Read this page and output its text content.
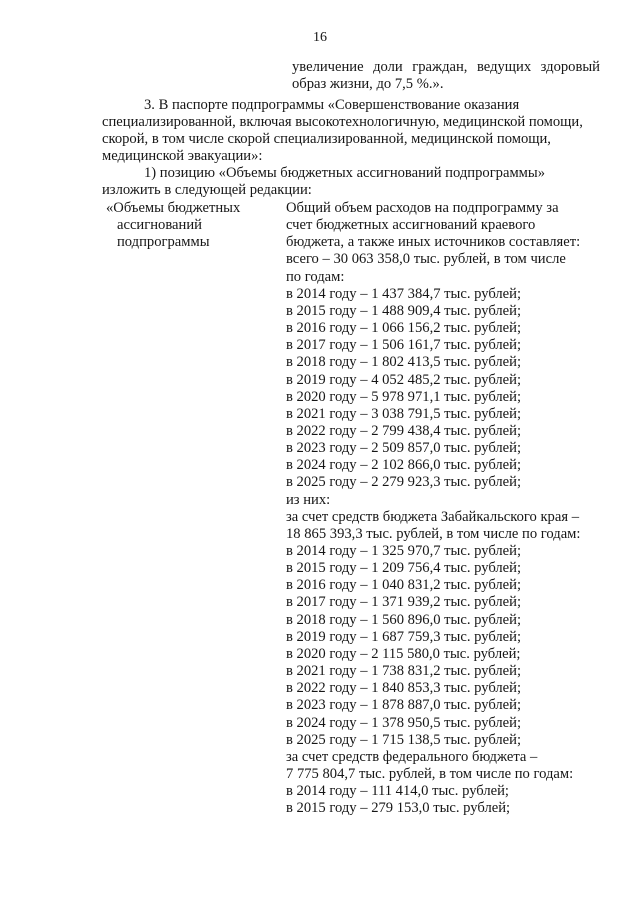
16
увеличение доли граждан, ведущих здоровый
образ жизни, до 7,5 %.».
3. В паспорте подпрограммы «Совершенствование оказания
специализированной, включая высокотехнологичную, медицинской помощи,
скорой, в том числе скорой специализированной, медицинской помощи,
медицинской эвакуации»:
1) позицию «Объемы бюджетных ассигнований подпрограммы»
изложить в следующей редакции:
«Объемы бюджетных
ассигнований
подпрограммы
Общий объем расходов на подпрограмму за
счет бюджетных ассигнований краевого
бюджета, а также иных источников составляет:
всего – 30 063 358,0 тыс. рублей, в том числе
по годам:
в 2014 году – 1 437 384,7 тыс. рублей;
в 2015 году – 1 488 909,4 тыс. рублей;
в 2016 году – 1 066 156,2 тыс. рублей;
в 2017 году – 1 506 161,7 тыс. рублей;
в 2018 году – 1 802 413,5 тыс. рублей;
в 2019 году – 4 052 485,2 тыс. рублей;
в 2020 году – 5 978 971,1 тыс. рублей;
в 2021 году – 3 038 791,5 тыс. рублей;
в 2022 году – 2 799 438,4 тыс. рублей;
в 2023 году – 2 509 857,0 тыс. рублей;
в 2024 году – 2 102 866,0 тыс. рублей;
в 2025 году – 2 279 923,3 тыс. рублей;
из них:
за счет средств бюджета Забайкальского края –
18 865 393,3 тыс. рублей, в том числе по годам:
в 2014 году – 1 325 970,7 тыс. рублей;
в 2015 году – 1 209 756,4 тыс. рублей;
в 2016 году – 1 040 831,2 тыс. рублей;
в 2017 году – 1 371 939,2 тыс. рублей;
в 2018 году – 1 560 896,0 тыс. рублей;
в 2019 году – 1 687 759,3 тыс. рублей;
в 2020 году – 2 115 580,0 тыс. рублей;
в 2021 году – 1 738 831,2 тыс. рублей;
в 2022 году – 1 840 853,3 тыс. рублей;
в 2023 году – 1 878 887,0 тыс. рублей;
в 2024 году – 1 378 950,5 тыс. рублей;
в 2025 году – 1 715 138,5 тыс. рублей;
за счет средств федерального бюджета –
7 775 804,7 тыс. рублей, в том числе по годам:
в 2014 году – 111 414,0 тыс. рублей;
в 2015 году – 279 153,0 тыс. рублей;
